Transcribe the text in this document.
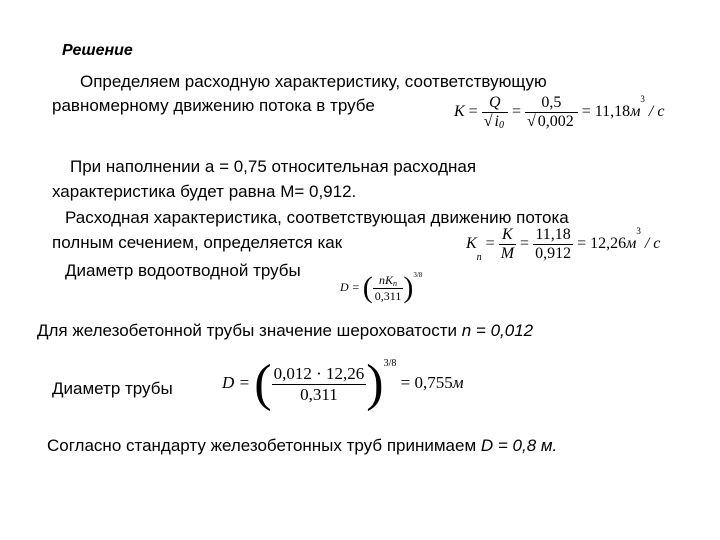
Решение
Определяем расходную характеристику, соответствующую
равномерному движению потока в трубе	$K = \frac{Q}{√ i0} = \frac{0,5}{√ 0,002} = 11,18м^3 / с$
При наполнении а = 0,75 относительная расходная
характеристика будет равна М= 0,912.
Расходная характеристика, соответствующая движению потока
полным сечением, определяется как	Kп = $\frac{K}{M} = \frac{11,18}{0,912} = 12,26м^3 / с$
Диаметр водоотводной трубы
D = ( $\frac{\text{nKп}}{0,311} )^{3/8}$
Для железобетонной трубы значение шероховатости n = 0,012
Диаметр трубы	D = ( $\frac{0,012 \cdot 12,26}{0,311} )^{3/8} = 0,755м$
Согласно стандарту железобетонных труб принимаем D = 0,8 м.
